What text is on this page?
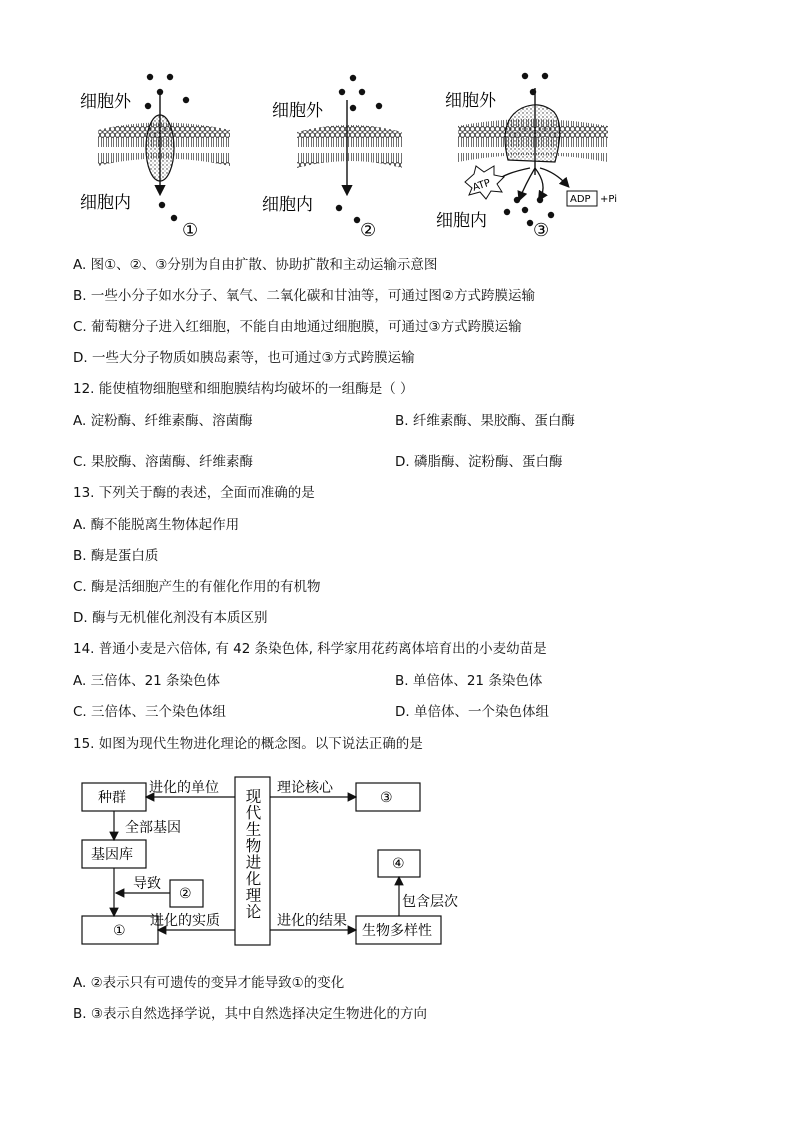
细胞外
细胞内
①
细胞外
细胞内
②
ATP
ADP +Pi
细胞外
细胞内	③
A. 图①、②、③分别为自由扩散、协助扩散和主动运输示意图
B. 一些小分子如水分子、氧气、二氧化碳和甘油等，可通过图②方式跨膜运输
C. 葡萄糖分子进入红细胞，不能自由地通过细胞膜，可通过③方式跨膜运输
D. 一些大分子物质如胰岛素等，也可通过③方式跨膜运输
12. 能使植物细胞壁和细胞膜结构均破坏的一组酶是（ ）
A. 淀粉酶、纤维素酶、溶菌酶	B. 纤维素酶、果胶酶、蛋白酶
C. 果胶酶、溶菌酶、纤维素酶	D. 磷脂酶、淀粉酶、蛋白酶
13. 下列关于酶的表述，全面而准确的是
A. 酶不能脱离生物体起作用
B. 酶是蛋白质
C. 酶是活细胞产生的有催化作用的有机物
D. 酶与无机催化剂没有本质区别
14. 普通小麦是六倍体, 有 42 条染色体, 科学家用花药离体培育出的小麦幼苗是
A. 三倍体、21 条染色体	B. 单倍体、21 条染色体
C. 三倍体、三个染色体组	D. 单倍体、一个染色体组
15. 如图为现代生物进化理论的概念图。以下说法正确的是
种群
基因库
①
②
③
④
生物多样性
现代生物进化理论
进化的单位	理论核心
全部基因
导致
进化的实质	进化的结果
包含层次
A. ②表示只有可遗传的变异才能导致①的变化
B. ③表示自然选择学说，其中自然选择决定生物进化的方向
